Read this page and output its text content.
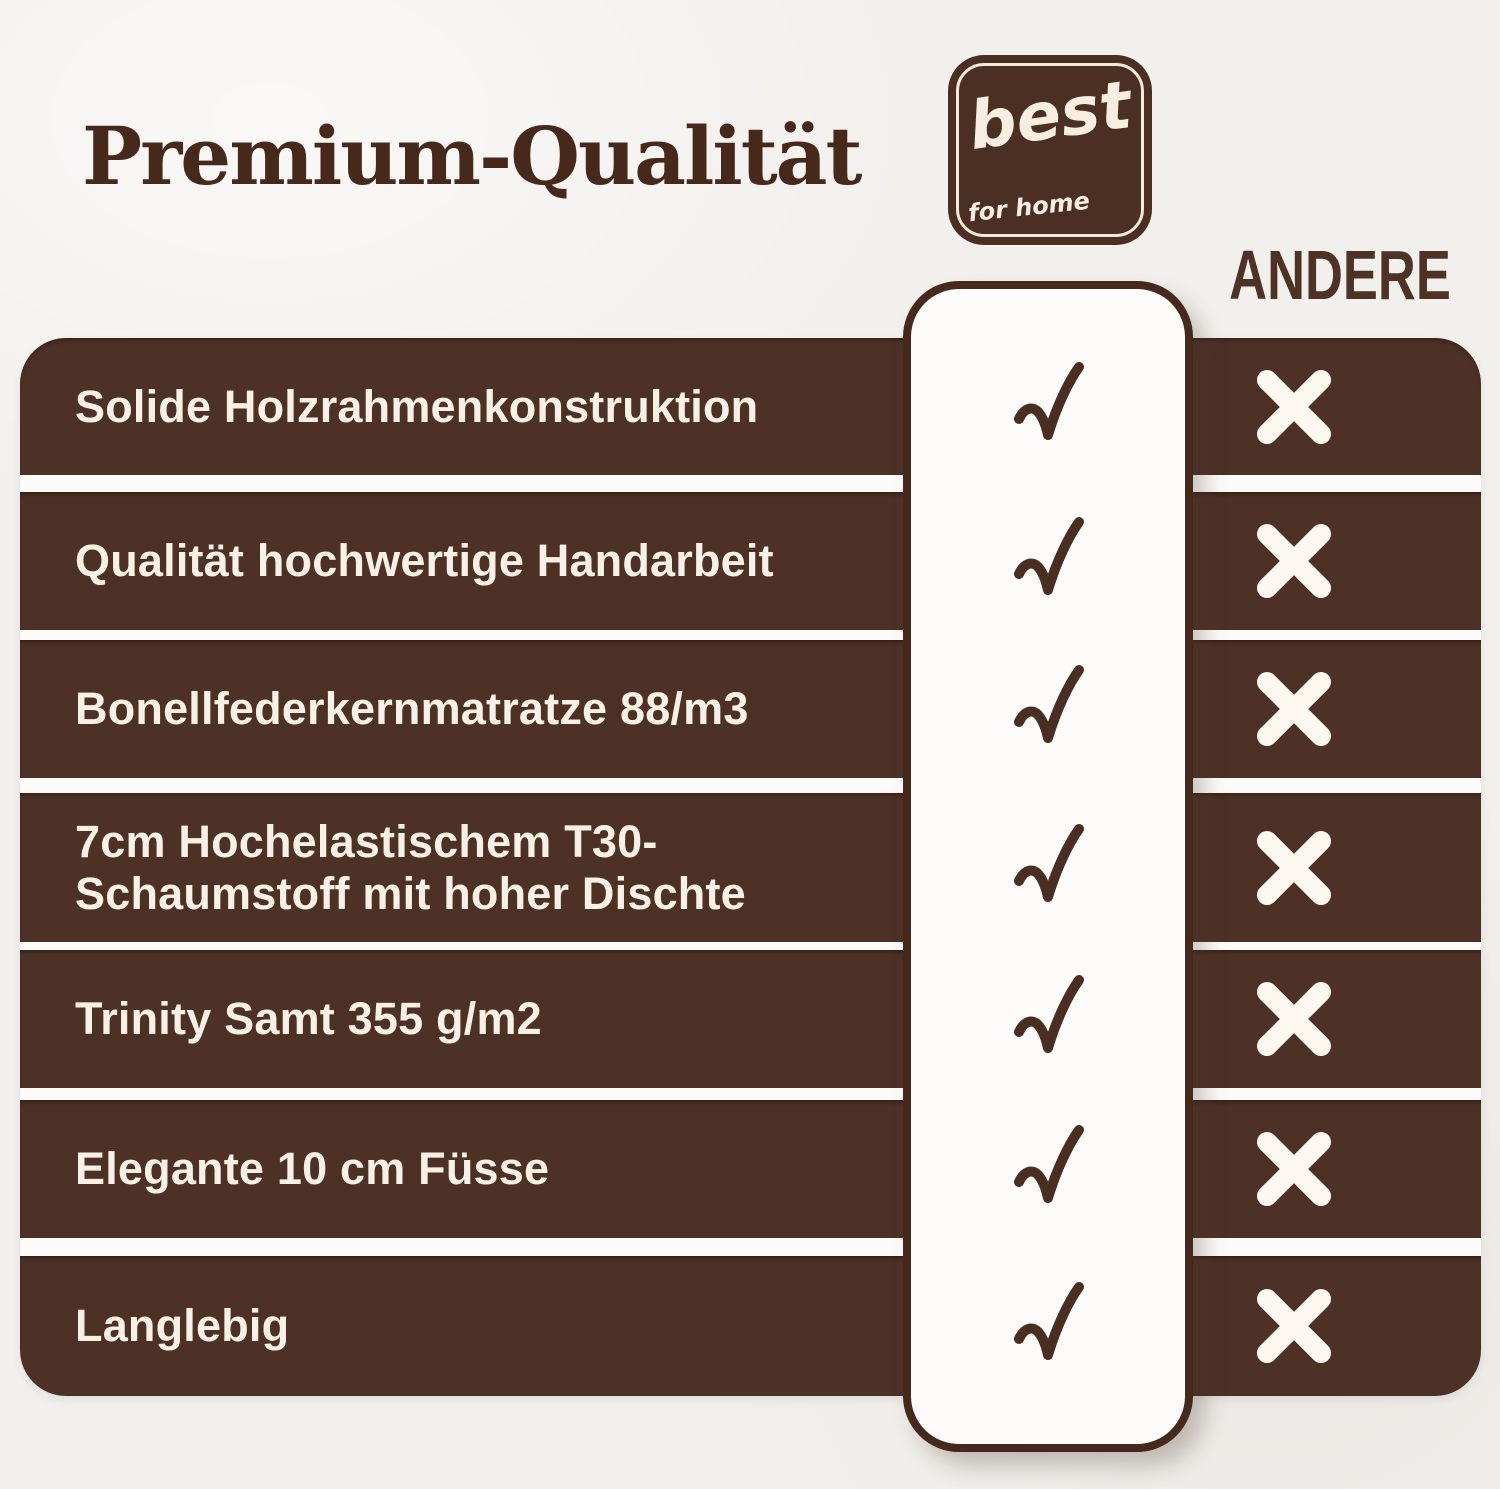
Premium-Qualität best
for home
ANDERE
Solide Holzrahmenkonstruktion
Qualität hochwertige Handarbeit
Bonellfederkernmatratze 88/m3
7cm Hochelastischem T30-
Schaumstoff mit hoher Dischte
Trinity Samt 355 g/m2
Elegante 10 cm Füsse
Langlebig
